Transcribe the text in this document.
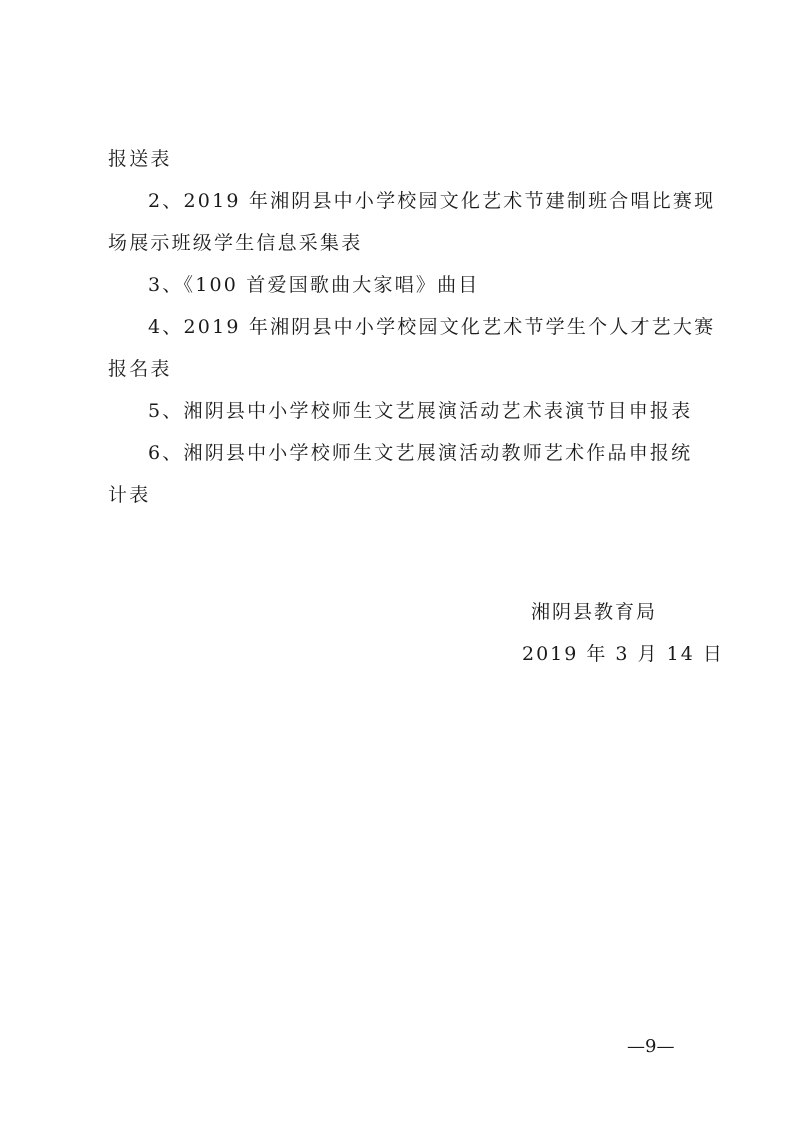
报送表
2、2019 年湘阴县中小学校园文化艺术节建制班合唱比赛现
场展示班级学生信息采集表
3、《100 首爱国歌曲大家唱》曲目
4、2019 年湘阴县中小学校园文化艺术节学生个人才艺大赛
报名表
5、湘阴县中小学校师生文艺展演活动艺术表演节目申报表
6、湘阴县中小学校师生文艺展演活动教师艺术作品申报统
计表
湘阴县教育局
2019 年 3 月 14 日
—9—
